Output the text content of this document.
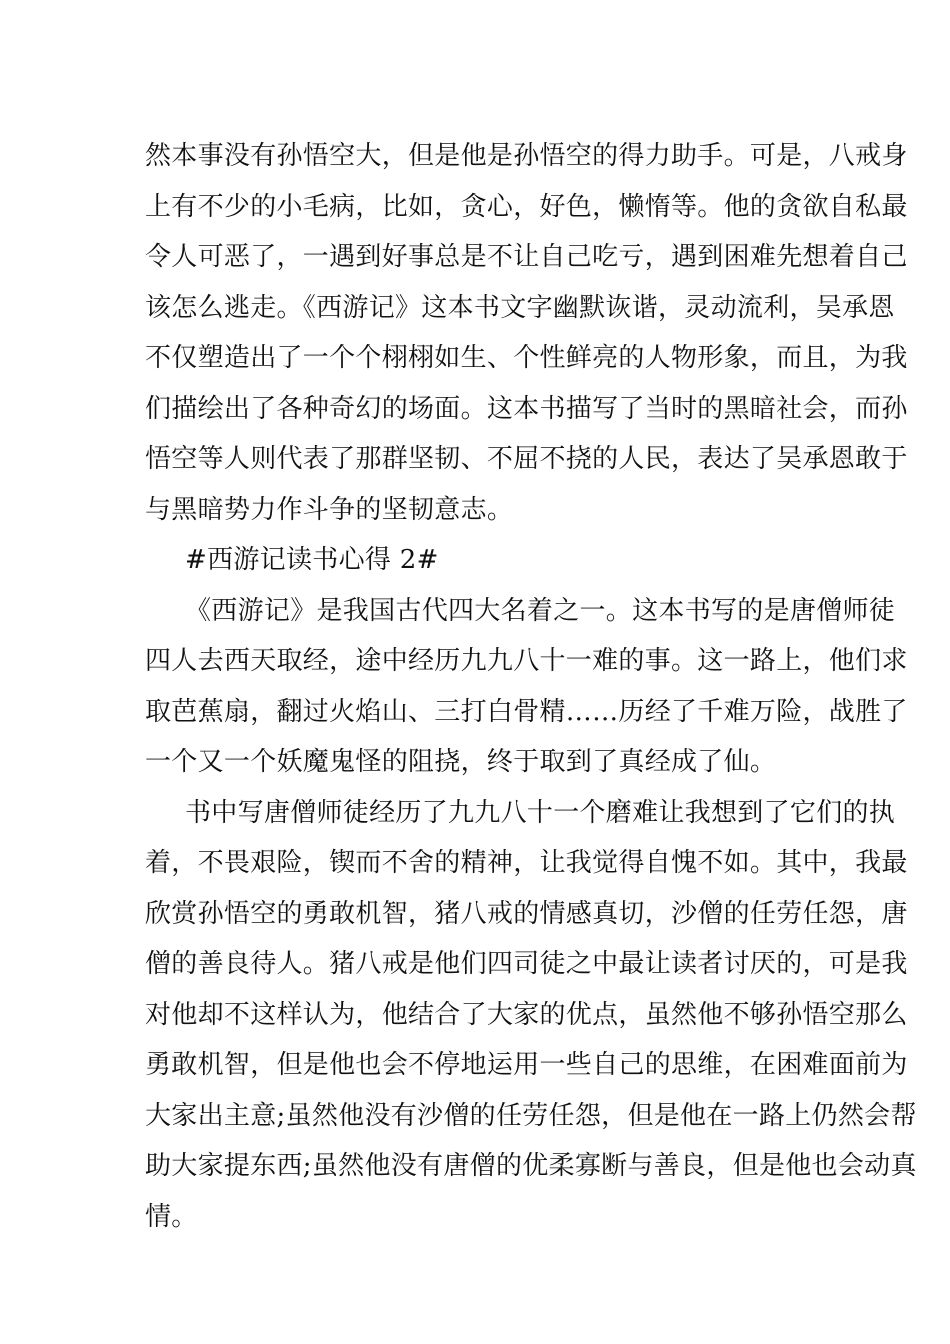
然本事没有孙悟空大，但是他是孙悟空的得力助手。可是，八戒身
上有不少的小毛病，比如，贪心，好色，懒惰等。他的贪欲自私最
令人可恶了，一遇到好事总是不让自己吃亏，遇到困难先想着自己
该怎么逃走。《西游记》这本书文字幽默诙谐，灵动流利，吴承恩
不仅塑造出了一个个栩栩如生、个性鲜亮的人物形象，而且，为我
们描绘出了各种奇幻的场面。这本书描写了当时的黑暗社会，而孙
悟空等人则代表了那群坚韧、不屈不挠的人民，表达了吴承恩敢于
与黑暗势力作斗争的坚韧意志。
#西游记读书心得 2#
《西游记》是我国古代四大名着之一。这本书写的是唐僧师徒
四人去西天取经，途中经历九九八十一难的事。这一路上，他们求
取芭蕉扇，翻过火焰山、三打白骨精……历经了千难万险，战胜了
一个又一个妖魔鬼怪的阻挠，终于取到了真经成了仙。
书中写唐僧师徒经历了九九八十一个磨难让我想到了它们的执
着，不畏艰险，锲而不舍的精神，让我觉得自愧不如。其中，我最
欣赏孙悟空的勇敢机智，猪八戒的情感真切，沙僧的任劳任怨，唐
僧的善良待人。猪八戒是他们四司徒之中最让读者讨厌的，可是我
对他却不这样认为，他结合了大家的优点，虽然他不够孙悟空那么
勇敢机智，但是他也会不停地运用一些自己的思维，在困难面前为
大家出主意;虽然他没有沙僧的任劳任怨，但是他在一路上仍然会帮
助大家提东西;虽然他没有唐僧的优柔寡断与善良，但是他也会动真
情。
